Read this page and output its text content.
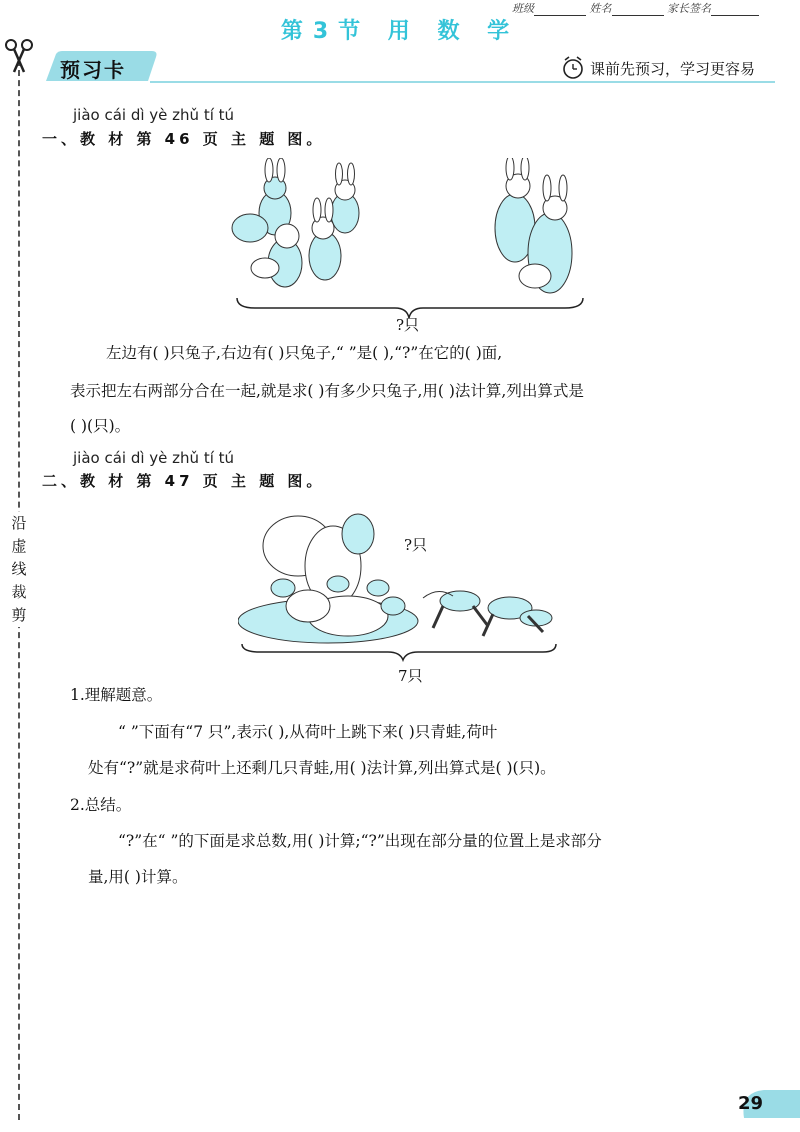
班级	姓名	家长签名
第3节 用 数 学
沿
虚
线
裁
剪
预习卡	课前先预习，学习更容易
jiào cái dì yè zhǔ tí tú
一、教 材 第 46 页 主 题 图。
?只
左边有( )只兔子,右边有( )只兔子,“ ”是( ),“?”在它的( )面,
表示把左右两部分合在一起,就是求( )有多少只兔子,用( )法计算,列出算式是
( )(只)。
jiào cái dì yè zhǔ tí tú
二、教 材 第 47 页 主 题 图。
?只
7只
1.理解题意。
“ ”下面有“7 只”,表示( ),从荷叶上跳下来( )只青蛙,荷叶
处有“?”就是求荷叶上还剩几只青蛙,用( )法计算,列出算式是( )(只)。
2.总结。
“?”在“ ”的下面是求总数,用( )计算;“?”出现在部分量的位置上是求部分
量,用( )计算。
29
